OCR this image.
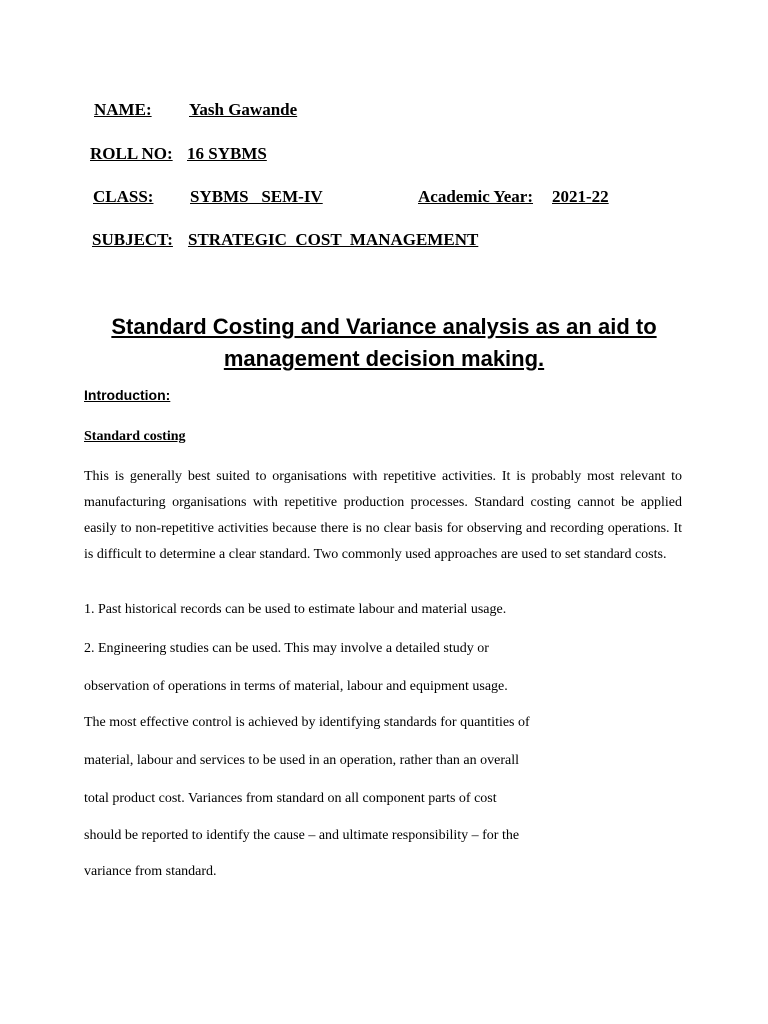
NAME: Yash Gawande
ROLL NO: 16 SYBMS
CLASS: SYBMS   SEM-IV	Academic Year: 2021-22
SUBJECT: STRATEGIC  COST  MANAGEMENT
Standard Costing and Variance analysis as an aid to management decision making.
Introduction:
Standard costing

This is generally best suited to organisations with repetitive activities. It is probably most relevant to manufacturing organisations with repetitive production processes. Standard costing cannot be applied easily to non-repetitive activities because there is no clear basis for observing and recording operations. It is difficult to determine a clear standard. Two commonly used approaches are used to set standard costs.

1. Past historical records can be used to estimate labour and material usage.
2. Engineering studies can be used. This may involve a detailed study or
observation of operations in terms of material, labour and equipment usage.
The most effective control is achieved by identifying standards for quantities of
material, labour and services to be used in an operation, rather than an overall
total product cost. Variances from standard on all component parts of cost
should be reported to identify the cause – and ultimate responsibility – for the
variance from standard.
